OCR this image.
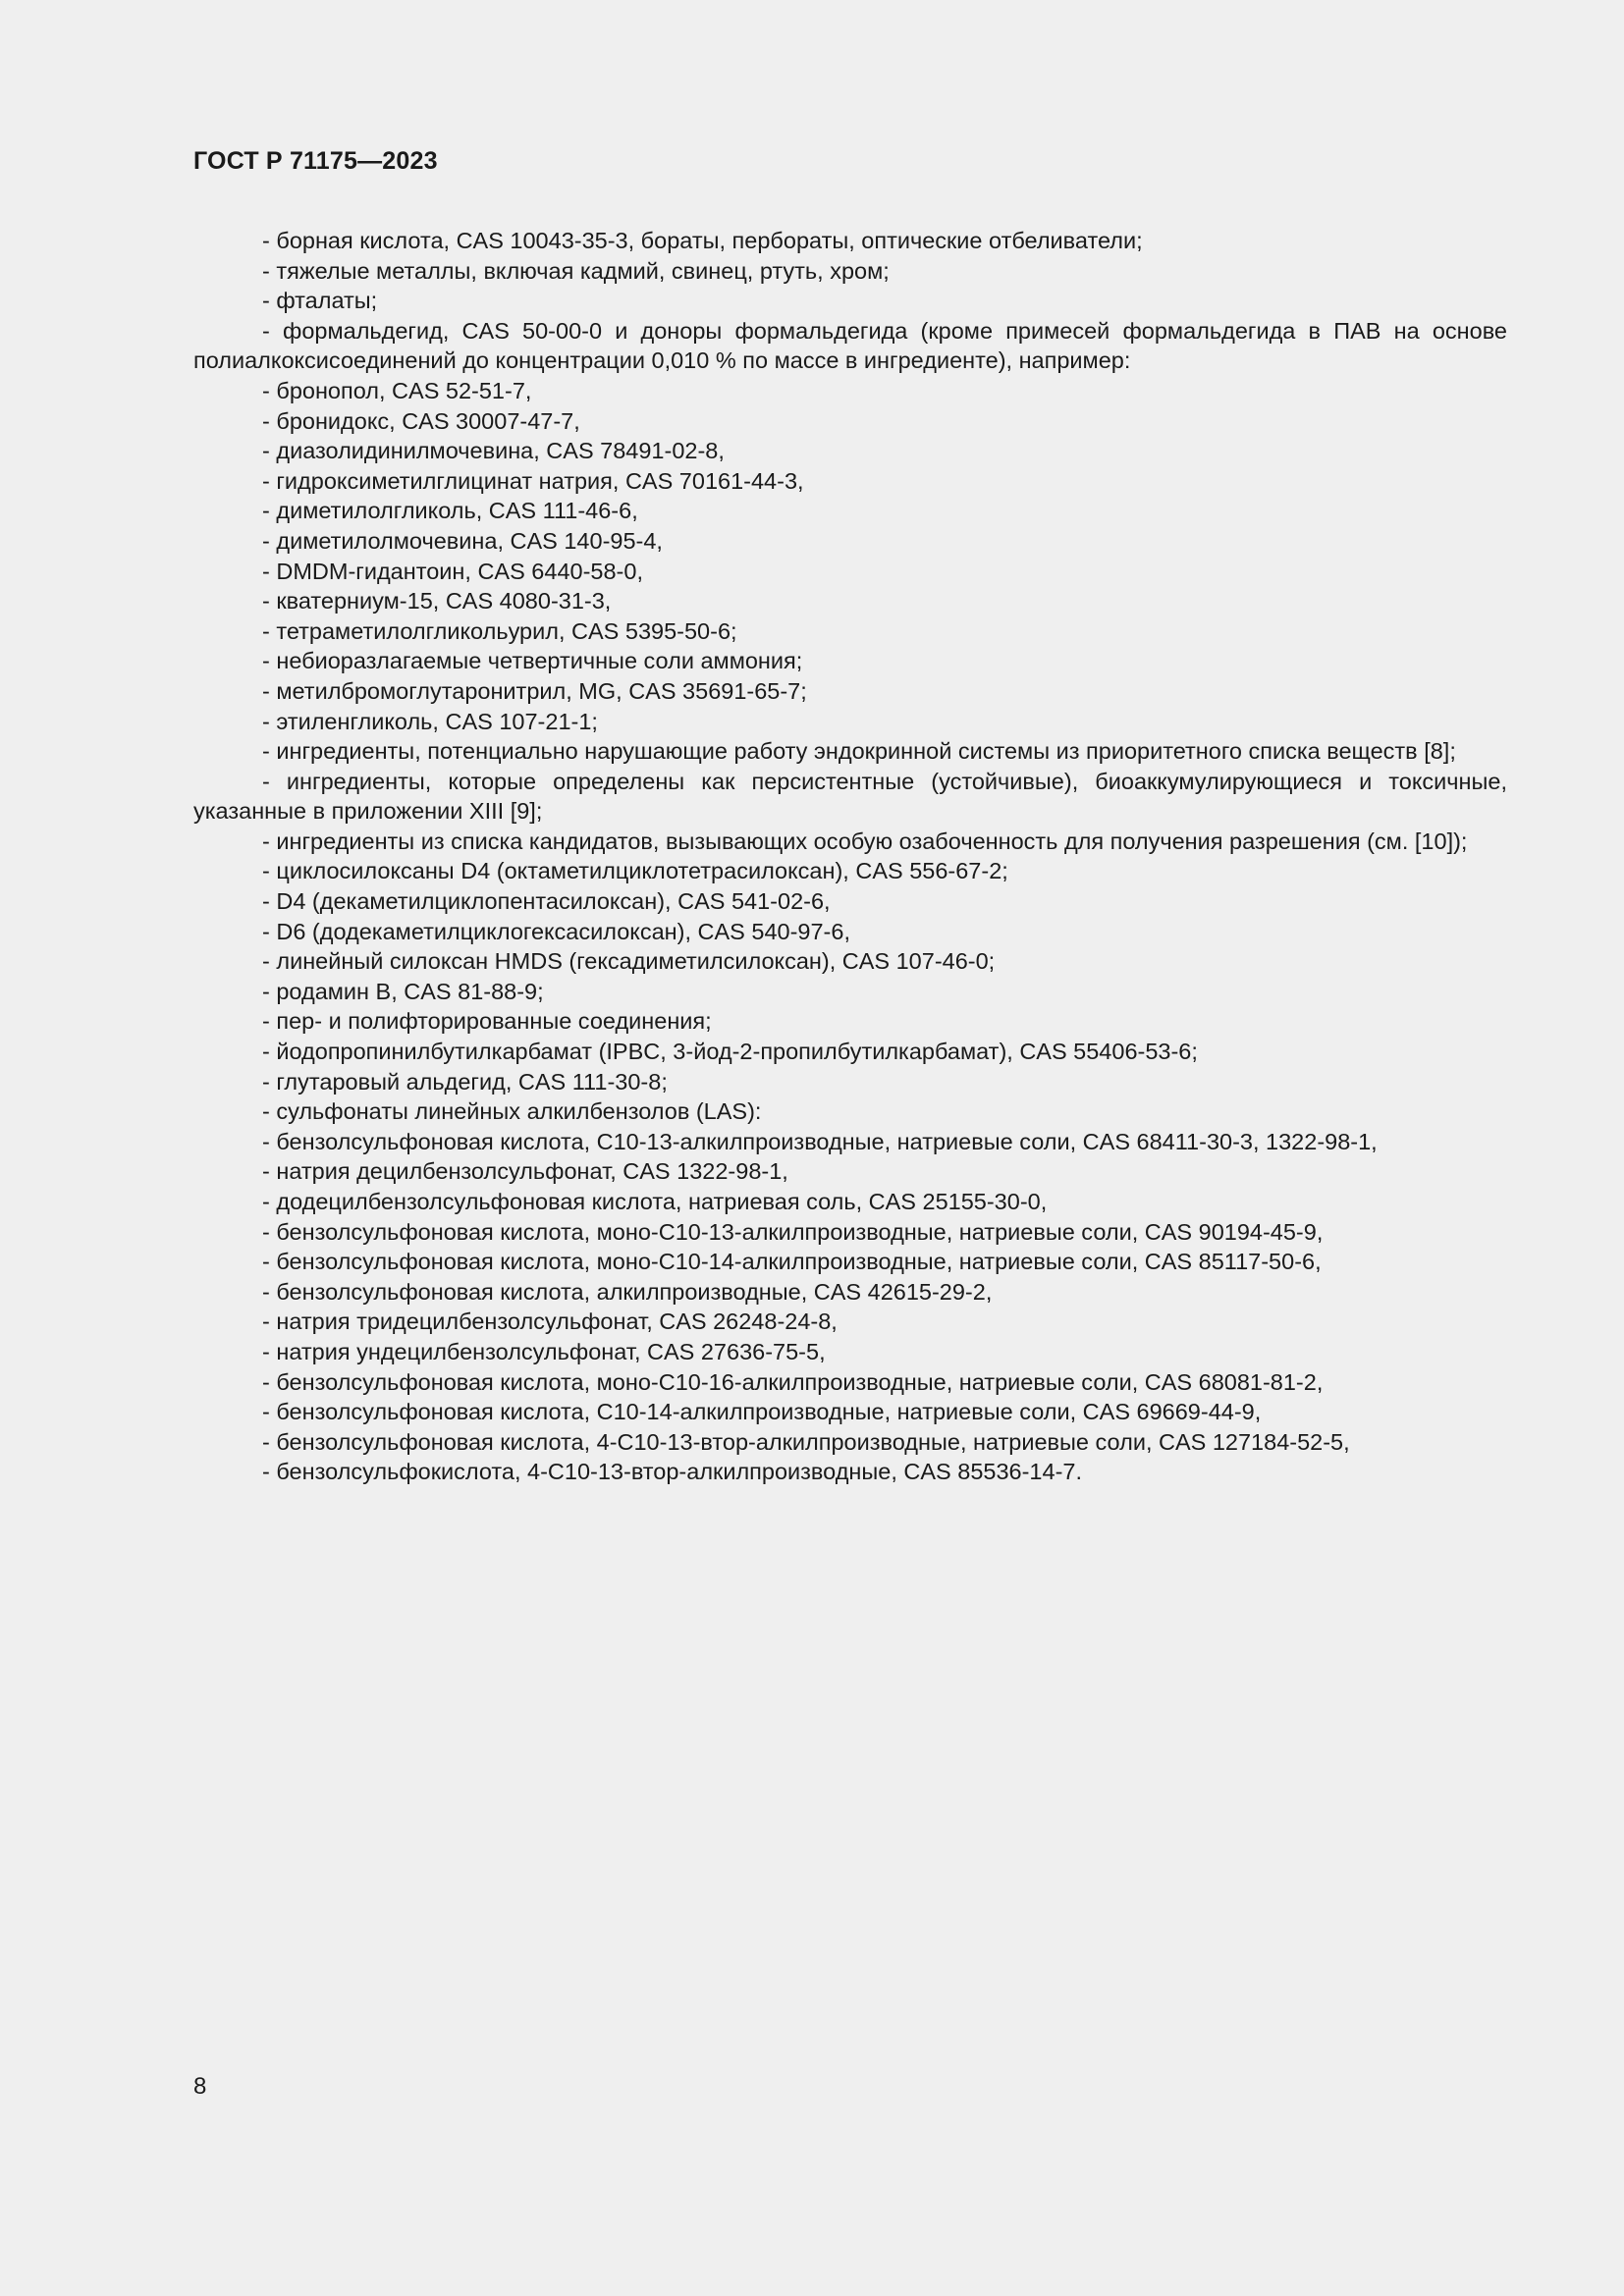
ГОСТ Р 71175—2023

- борная кислота, CAS 10043-35-3, бораты, пербораты, оптические отбеливатели;

- тяжелые металлы, включая кадмий, свинец, ртуть, хром;

- фталаты;

- формальдегид, CAS 50-00-0 и доноры формальдегида (кроме примесей формальдегида в ПАВ на основе полиалкоксисоединений до концентрации 0,010 % по массе в ингредиенте), например:

- бронопол, CAS 52-51-7,

- бронидокс, CAS 30007-47-7,

- диазолидинилмочевина, CAS 78491-02-8,

- гидроксиметилглицинат натрия, CAS 70161-44-3,

- диметилолгликоль, CAS 111-46-6,

- диметилолмочевина, CAS 140-95-4,

- DMDM-гидантоин, CAS 6440-58-0,

- кватерниум-15, CAS 4080-31-3,

- тетраметилолгликольурил, CAS 5395-50-6;

- небиоразлагаемые четвертичные соли аммония;

- метилбромоглутаронитрил, MG, CAS 35691-65-7;

- этиленгликоль, CAS 107-21-1;

- ингредиенты, потенциально нарушающие работу эндокринной системы из приоритетного списка веществ [8];

- ингредиенты, которые определены как персистентные (устойчивые), биоаккумулирующиеся и токсичные, указанные в приложении XIII [9];

- ингредиенты из списка кандидатов, вызывающих особую озабоченность для получения разрешения (см. [10]);

- циклосилоксаны D4 (октаметилциклотетрасилоксан), CAS 556-67-2;

- D4 (декаметилциклопентасилоксан), CAS 541-02-6,

- D6 (додекаметилциклогексасилоксан), CAS 540-97-6,

- линейный силоксан HMDS (гексадиметилсилоксан), CAS 107-46-0;

- родамин B, CAS 81-88-9;

- пер- и полифторированные соединения;

- йодопропинилбутилкарбамат (IPBC, 3-йод-2-пропилбутилкарбамат), CAS 55406-53-6;

- глутаровый альдегид, CAS 111-30-8;

- сульфонаты линейных алкилбензолов (LAS):

- бензолсульфоновая кислота, C10-13-алкилпроизводные, натриевые соли, CAS 68411-30-3, 1322-98-1,

- натрия децилбензолсульфонат, CAS 1322-98-1,

- додецилбензолсульфоновая кислота, натриевая соль, CAS 25155-30-0,

- бензолсульфоновая кислота, моно-C10-13-алкилпроизводные, натриевые соли, CAS 90194-45-9,

- бензолсульфоновая кислота, моно-C10-14-алкилпроизводные, натриевые соли, CAS 85117-50-6,

- бензолсульфоновая кислота, алкилпроизводные, CAS 42615-29-2,

- натрия тридецилбензолсульфонат, CAS 26248-24-8,

- натрия ундецилбензолсульфонат, CAS 27636-75-5,

- бензолсульфоновая кислота, моно-C10-16-алкилпроизводные, натриевые соли, CAS 68081-81-2,

- бензолсульфоновая кислота, C10-14-алкилпроизводные, натриевые соли, CAS 69669-44-9,

- бензолсульфоновая кислота, 4-C10-13-втор-алкилпроизводные, натриевые соли, CAS 127184-52-5,

- бензолсульфокислота, 4-C10-13-втор-алкилпроизводные, CAS 85536-14-7.

8
